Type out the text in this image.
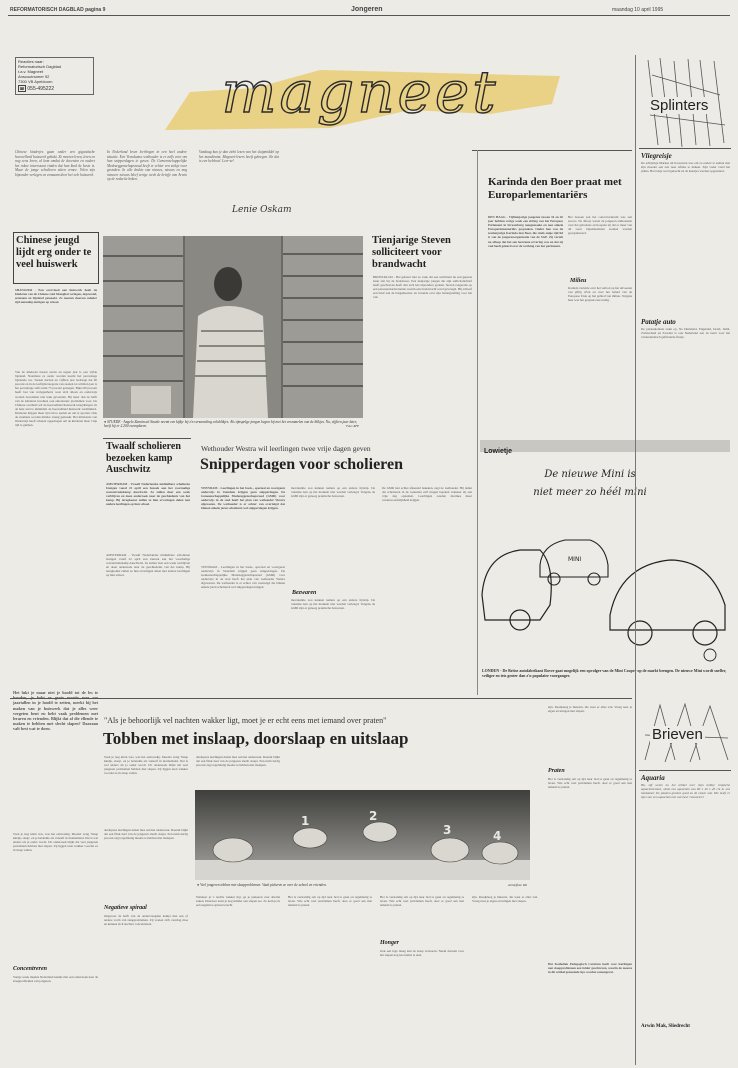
REFORMATORISCH DAGBLAD pagina 9	Jongeren	maandag 10 april 1995
Reacties naar:
Reformatorisch Dagblad
t.a.v. Magneet
Anscoutnumer 92
7300 VB Apeldoorn
☎ 055-495222	magneet	Splinters
Vliegreisje
De achtjarige Markus uit Kowersen was om zo ondert te stellen met zijn moeder een reis naar Afrika te maken. Zijn vader vond het prima. Het reisje werd gekocht en de kaartjes werden opgestuurd.
Patatje auto
De patatautomaat raakt op. Na Duitsland, Engeland, Israël, Italië, Zwitserland en Zweden is ook Nederland aan de beurt voor het volautomatisch gefrituurde frietje.
Chinese kinderjes gaan onder een gigantische hoeveelheid huiswerk gebukt. Ze moeten leren, leren en nog eens leren, al kom omdat de docenten en ouders het rokoe interessant vinden dat hun kind de beste is. Maar de jonge scholieren zitten ermee. Velen zijn bijzonder verlegen en eenzaam door het vele huiswerk.
In Nederland leven leerlingen in een heel andere situatie. Een Veendamse wethouder is er zelfs voor om hun snipperdagen te geven. De Gemeenschappelijke Medezeggenschapsraad heeft er echter een stokje voor gestoken. In alle drukte van nieuws, nieuws en nog nieuwer nieuws bleef verige week de briefje van Arwin op de redactie hoken.
Vandaag kun je dan ziehi lezen van het sluipmiddel op het mandtruim. Magneet-lezers heeft gekregen. En dat is een heleboel. Leer-ze!
Lenie Oskam
Karinda den Boer praat met Europarlementariërs
DEN HAAG - Vijftienjarige jongeren tussen 16 en 26 jaar hebben verige week een zitting van het Europees Parlement in Straatsburg meegemaakt en met enkele Europarlementariërs gesproken. Onder hen was de zestienjarige Karinda den Boer, die sinds enige tijd lid is van de jongerenorganisatie van de SGP. Zij vertelt na afloop dat het een leerzame ervaring was en dat zij veel heeft geleerd over de werking van het parlement.
Het bezoek aan het concertcentrum was een succes. Na afloop waren de jongeren enthousiast over het gebodene en hoopten zij dat er meer van dit soort bijeenkomsten zouden worden georganiseerd.
Milieu
Karinda vertelde over het verbod op het uitvoeren van giftig afval en over het beleid van de Europese Unie op het gebied van milieu. Volgens haar was het gesprek zeer nuttig.
Chinese jeugd lijdt erg onder te veel huiswerk
SHANGHAI - Een overvloed aan huiswerk heeft de kinderen van de Chinese stad Shanghai verlegen, depressief, eenzaam en bijziend gemaakt. Ze moeten daarom minder tijd eenmalig nuttigen op school.
Van de kinderen tussen zeven en negen jaar is een vijfde bijziend. Naarmate ze ouder worden neemt het percentage bijziende toe. Tussen dertien en vijftien jaar bedraagt dat 60 procent en in de leeftijdscategorie van zestien tot achttien jaar is het percentage zelfs ruim 75 procent gestegen. Bijna 80 procent heeft last van verlegenheid, weet zich alleen en onderwijs werden bovendien niet leuk gevonden. Bij meer dan de helft van de kinderen kwamen ook emotionele problemen voor. De Chinese overheid wil de hoeveelheid huiswerk terugdringen. In de hele stad is inmiddels de hoeveelheid huiswerk verminderd. Kinderen krijgen meer tijd om te spelen en om te sporten. Ook de examens worden minder streng gemaakt. Het ministerie van Onderwijs heeft scholen opgedragen om de kinderen meer vrije tijd te gunnen.
● STUEDE - Angelo Zannin uit Stuede neemt een kijkje bij z'n verzameling colablikjes. Als tijnspelge jongen begon hij met het verzamelen van de blikjes. Nu, vijftien jaar later, heeft hij er 2.200 exemplaren.	Foto: RFP
Tienjarige Steven solliciteert voor brandwacht
BRONCKLOO - Het gebeurt niet zo vaak dat een sollicitant nu een gepaste baan ziet bij de brandweer. Een tienjarige jongen die zijn sollicitatiebrief heeft geschreven heeft dan toch iets bijzonders gedaan. Steven reageerde op een personeelsadvertentie waarin een brandwacht werd gevraagd. Hij schreef een brief aan de burgemeester en vertelde over zijn belangstelling voor het vak.
Twaalf scholieren bezoeken kamp Auschwitz
AMSTERDAM - Twaalf Nederlandse middelbare scholieren brengen vanaf 22 april een bezoek aan het voormalige concentratiekamp Auschwitz. Ze zullen daar een week verblijven en doen onderzoek naar de geschiedenis van het kamp. Bij terugkomst zullen ze hun ervaringen delen met andere leerlingen op hun school.
AMSTERDAM - Twaalf Nederlandse middelbare scholieren brengen vanaf 22 april een bezoek aan het voormalige concentratiekamp Auschwitz. Ze zullen daar een week verblijven en doen onderzoek naar de geschiedenis van het kamp. Bij terugkomst zullen ze hun ervaringen delen met andere leerlingen op hun school.
Wethouder Westra wil leerlingen twee vrije dagen geven
Snipperdagen voor scholieren
VEENDAM - Leerlingen in het basis-, speciaal en voortgezet onderwijs in Veendam krijgen geen snipperdagen. De Gemeenschappelijke Medezeggenschapsraad (GMR) voor onderwijs in de stad heeft het plan van wethouder Westra afgewezen. De wethouder is er echter van overtuigd dat binnen enkele jaren scholieren wel snipperdagen krijgen.
VEENDAM - Leerlingen in het basis-, speciaal en voortgezet onderwijs in Veendam krijgen geen snipperdagen. De Gemeenschappelijke Medezeggenschapsraad (GMR) voor onderwijs in de stad heeft het plan van wethouder Westra afgewezen. De wethouder is er echter van overtuigd dat binnen enkele jaren scholieren wel snipperdagen krijgen.
mevakantie zou kunnen nemen op een andere tijdstip. De vakantie kan op het moment niet worden verlengd. Volgens de GMR zijn er genoeg praktische bezwaren.
Bezwaren
mevakantie zou kunnen nemen op een andere tijdstip. De vakantie kan op het moment niet worden verlengd. Volgens de GMR zijn er genoeg praktische bezwaren.
De GMR niet echter afkerend bekeken, zegt de wethouder. Hij denkt dat scholieren in de toekomst zelf mogen bepalen wanneer zij een vrije dag opnemen. Leerlingen zouden daarmee meer verantwoordelijkheid krijgen.
Lowietje
De nieuwe Mini is
niet meer zo héél mini
MINI
LONDEN - De Britse autofabrikant Rover gaat mogelijk een opvolger van de Mini Cooper op de markt brengen. De nieuwe Mini wordt sneller, veiliger en iets groter dan z'n populaire voorganger.
Het lukt je maar niet je hoofd tot de les te houden, je hebt er grote moeite mee om jaartallen in je hoofd te zetten, merkt bij het maken van je huiswerk dat je alles weer vergeten bent en hebt vaak problemen met leraren en vrienden. Blijkt dat al die ellende te maken te hebben met slecht slapen? Daaraan valt best wat te doen.
Toen je nog klein was, was het eenvoudig. Moeder zong 'Slaap kindje, slaap', en je belandde als vanzelf in dromenland. Dat is wel anders als je ouder wordt. Uit onderzoek blijkt dat veel jongeren problemen hebben met slapen. Zij liggen uren wakker voordat ze in slaap vallen.
Concentreren
Vorige week maakte Nederland kennis met een onderzoek naar de slaapproblemen van jongeren.
"Als je behoorlijk vel nachten wakker ligt, moet je er echt eens met iemand over praten"
Tobben met inslaap, doorslaap en uitslaap
derdejaars leerlingen deden mee aan het onderzoek. Daaruit blijkt dat een flink deel van de jongeren slecht slaapt. Een ruim dertig procent zegt regelmatig moeite te hebben met inslapen.
Toen je nog klein was, was het eenvoudig. Moeder zong 'Slaap kindje, slaap', en je belandde als vanzelf in dromenland. Dat is wel anders als je ouder wordt. Uit onderzoek blijkt dat veel jongeren problemen hebben met slapen. Zij liggen uren wakker voordat ze in slaap vallen.
1	2
3	4
● Veel jongeren tobben met slaapproblemen. Vaak piekeren ze over de school en vrienden.	Archieffoto: RD
derdejaars leerlingen deden mee aan het onderzoek. Daaruit blijkt dat een flink deel van de jongeren slecht slaapt. Een ruim dertig procent zegt regelmatig moeite te hebben met inslapen.
Negatieve spiraal
Ongeveer de helft van de ondervraagden kampt met een of andere vorm van slaapproblemen. Zij voelen zich overdag moe en kunnen zich slechter concentreren.
Wanneer je 's nachts wakker ligt, ga je piekeren over allerlei zaken. Daardoor kom je nog minder aan slapen toe. Zo kom je in een negatieve spiraal terecht.
Het is verstandig om op tijd naar bed te gaan en regelmatig te leven. Wie echt veel problemen heeft, doet er goed aan met iemand te praten.
Het is verstandig om op tijd naar bed te gaan en regelmatig te leven. Wie echt veel problemen heeft, doet er goed aan met iemand te praten.
Honger
Ook een lege maag kan de slaap verstoren. Neem daarom voor het slapen nog iets kleins te eten.
zijn. Raadpleeg je huisarts, die weet er alles van. Vraag naar je eigen ervaringen met slapen.
zijn. Raadpleeg je huisarts, die weet er alles van. Vraag naar je eigen ervaringen met slapen.
Praten
Het is verstandig om op tijd naar bed te gaan en regelmatig te leven. Wie echt veel problemen heeft, doet er goed aan met iemand te praten.
Het Katholiek Pedagogisch Centrum heeft voor leerlingen met slaapproblemen een folder geschreven, waarin de meeste in dit artikel genoemde tips worden samengevat.
Brieven
Aquaria
Ha, zijf weten nu het artikel over mijn hobby: tropische aquariumvissen, sinds een aquarium van 80 x 40 x 40 cm in ons huiskamer. De planten groeien goed en de vissen ook. Wie heeft er tips voor een aquarium met wat meer vissoorten?
Arwin Mak, Sliedrecht
